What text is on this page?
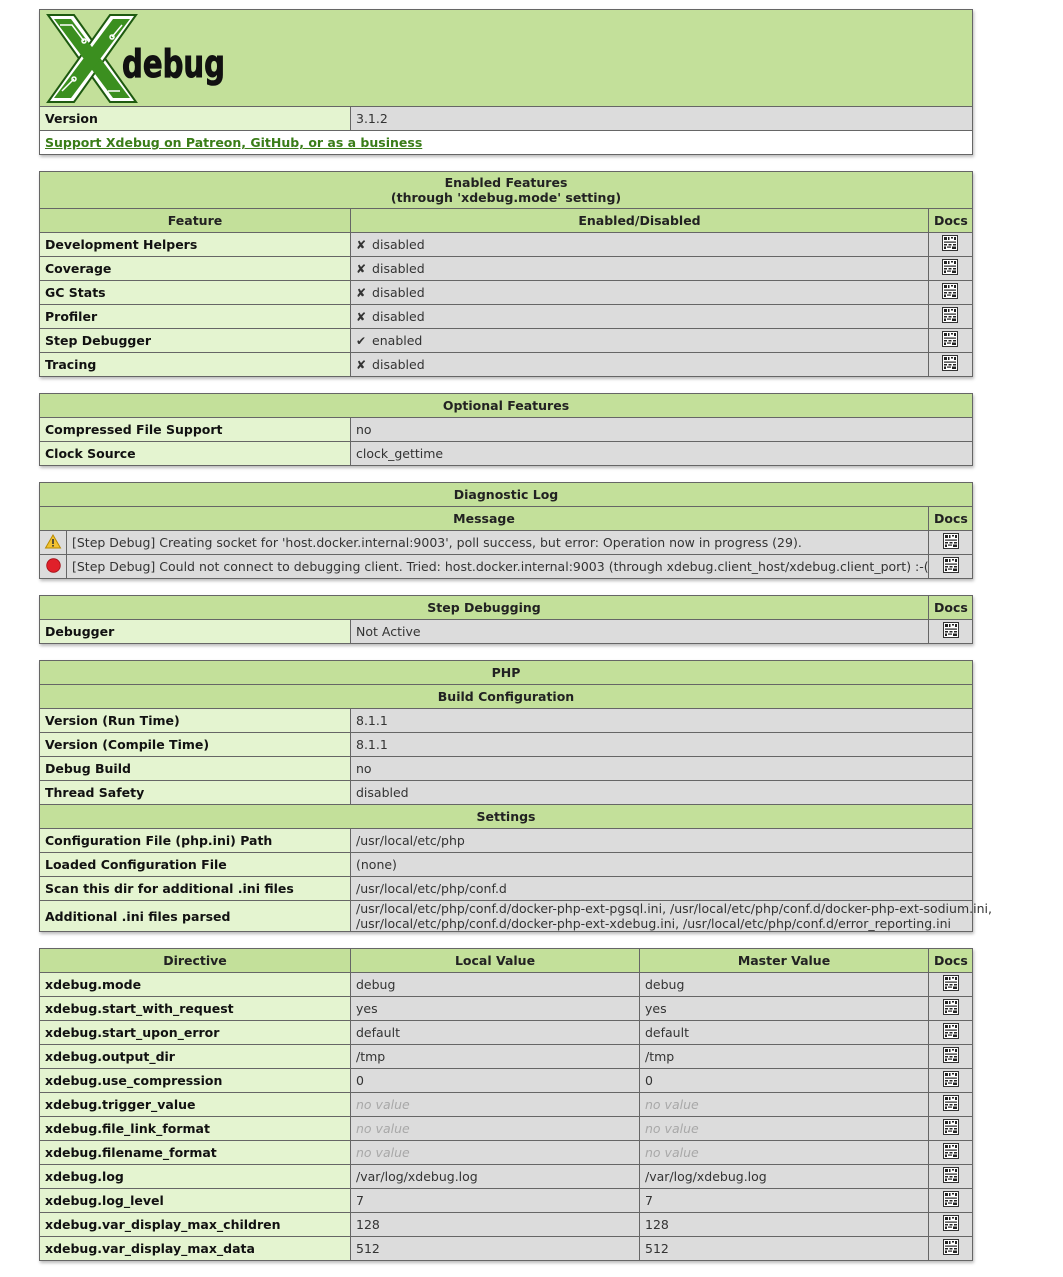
debug

Version	3.1.2
Support Xdebug on Patreon, GitHub, or as a business
Enabled Features
(through 'xdebug.mode' setting)		
Feature	Enabled/Disabled	Docs
Development Helpers	✘ disabled	
Coverage	✘ disabled	
GC Stats	✘ disabled	
Profiler	✘ disabled	
Step Debugger	✔ enabled	
Tracing	✘ disabled	
Optional Features	
Compressed File Support	no
Clock Source	clock_gettime
Diagnostic Log		
Message		Docs
	[Step Debug] Creating socket for 'host.docker.internal:9003', poll success, but error: Operation now in progress (29).	
	[Step Debug] Could not connect to debugging client. Tried: host.docker.internal:9003 (through xdebug.client_host/xdebug.client_port) :-(	
Step Debugging		Docs
Debugger	Not Active	
PHP	
Build Configuration	
Version (Run Time)	8.1.1
Version (Compile Time)	8.1.1
Debug Build	no
Thread Safety	disabled
Settings	
Configuration File (php.ini) Path	/usr/local/etc/php
Loaded Configuration File	(none)
Scan this dir for additional .ini files	/usr/local/etc/php/conf.d
Additional .ini files parsed	/usr/local/etc/php/conf.d/docker-php-ext-pgsql.ini, /usr/local/etc/php/conf.d/docker-php-ext-sodium.ini,
/usr/local/etc/php/conf.d/docker-php-ext-xdebug.ini, /usr/local/etc/php/conf.d/error_reporting.ini
Directive	Local Value	Master Value	Docs
xdebug.mode	debug	debug	
xdebug.start_with_request	yes	yes	
xdebug.start_upon_error	default	default	
xdebug.output_dir	/tmp	/tmp	
xdebug.use_compression	0	0	
xdebug.trigger_value	no value	no value	
xdebug.file_link_format	no value	no value	
xdebug.filename_format	no value	no value	
xdebug.log	/var/log/xdebug.log	/var/log/xdebug.log	
xdebug.log_level	7	7	
xdebug.var_display_max_children	128	128	
xdebug.var_display_max_data	512	512	
